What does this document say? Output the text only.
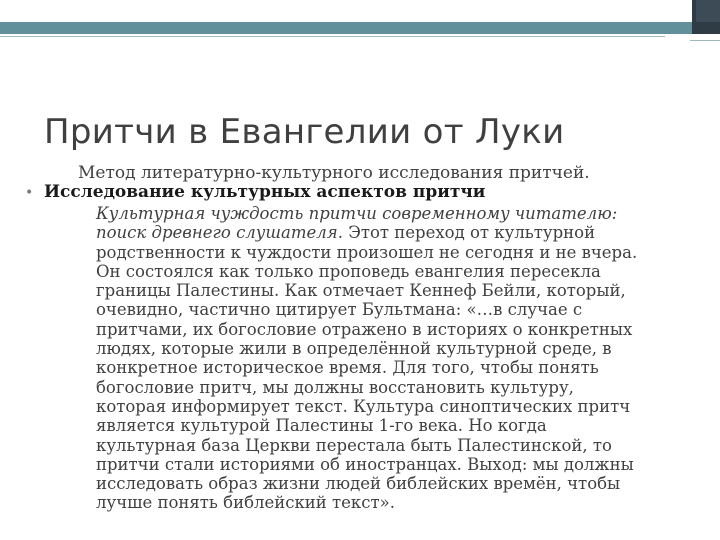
Притчи в Евангелии от Луки
Метод литературно-культурного исследования притчей.
• Исследование культурных аспектов притчи
Культурная чуждость притчи современному читателю:
поиск древнего слушателя. Этот переход от культурной
родственности к чуждости произошел не сегодня и не вчера.
Он состоялся как только проповедь евангелия пересекла
границы Палестины. Как отмечает Кеннеф Бейли, который,
очевидно, частично цитирует Бультмана: «…в случае с
притчами, их богословие отражено в историях о конкретных
людях, которые жили в определённой культурной среде, в
конкретное историческое время. Для того, чтобы понять
богословие притч, мы должны восстановить культуру,
которая информирует текст. Культура синоптических притч
является культурой Палестины 1-го века. Но когда
культурная база Церкви перестала быть Палестинской, то
притчи стали историями об иностранцах. Выход: мы должны
исследовать образ жизни людей библейских времён, чтобы
лучше понять библейский текст».
